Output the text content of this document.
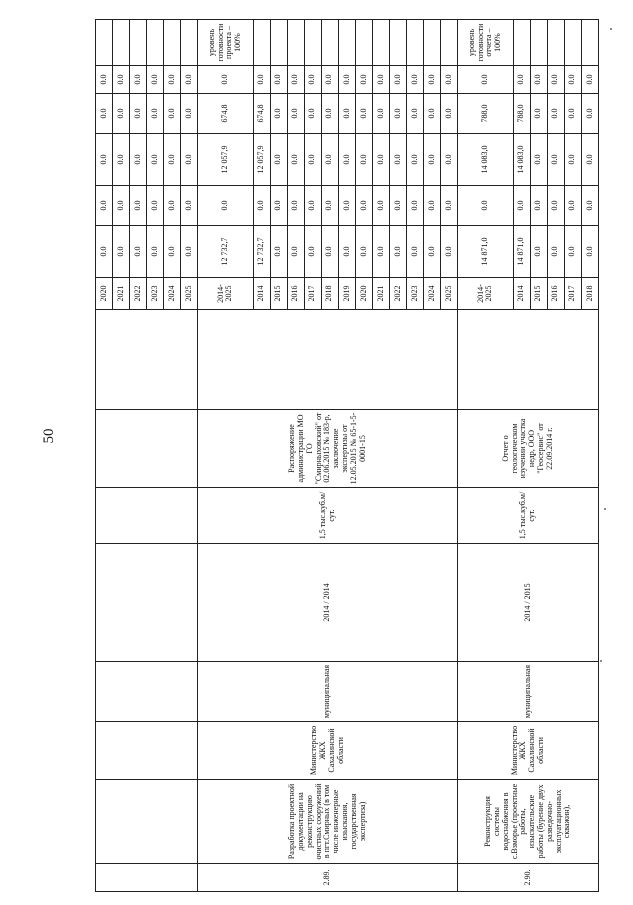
50
								2020	0.0	0.0	0.0	0.0	0.0	
								2021	0.0	0.0	0.0	0.0	0.0	
								2022	0.0	0.0	0.0	0.0	0.0	
								2023	0.0	0.0	0.0	0.0	0.0	
								2024	0.0	0.0	0.0	0.0	0.0	
								2025	0.0	0.0	0.0	0.0	0.0	
2.89.	Разработка проектной документации на реконструкцию очистных сооружений в пгт.Смирных (в том числе инженерные изыскания, государственная экспертиза)	Министерство ЖКХ Сахалинской области	муниципальная	2014 / 2014	1,5 тыс.куб.м/сут.	Распоряжение администрации МО ГО "Смирныховский" от 02.06.2015 № 183-р, заключение экспертизы от 12.05.2015 № 65-1-5-0001-15		2014-2025	12 732,7	0.0	12 057,9	674,8	0.0	уровень готовности проекта – 100%
								2014	12 732,7	0.0	12 057,9	674,8	0.0	
								2015	0.0	0.0	0.0	0.0	0.0	
								2016	0.0	0.0	0.0	0.0	0.0	
								2017	0.0	0.0	0.0	0.0	0.0	
								2018	0.0	0.0	0.0	0.0	0.0	
								2019	0.0	0.0	0.0	0.0	0.0	
								2020	0.0	0.0	0.0	0.0	0.0	
								2021	0.0	0.0	0.0	0.0	0.0	
								2022	0.0	0.0	0.0	0.0	0.0	
								2023	0.0	0.0	0.0	0.0	0.0	
								2024	0.0	0.0	0.0	0.0	0.0	
								2025	0.0	0.0	0.0	0.0	0.0	
2.90.	Реконструкция системы водоснабжения в с.Взморье (проектные работы, изыскательские работы (бурение двух разведочно-эксплуатационных скважин),	Министерство ЖКХ Сахалинской области	муниципальная	2014 / 2015	1,5 тыс.куб.м/сут.	Отчет о геологическом изучении участка недр, ООО "Геосервис" от 22.09.2014 г.		2014-2025	14 871,0	0.0	14 083,0	788,0	0.0	уровень готовности отчета – 100%
								2014	14 871,0	0.0	14 083,0	788,0	0.0	
								2015	0.0	0.0	0.0	0.0	0.0	
								2016	0.0	0.0	0.0	0.0	0.0	
								2017	0.0	0.0	0.0	0.0	0.0	
								2018	0.0	0.0	0.0	0.0	0.0	
